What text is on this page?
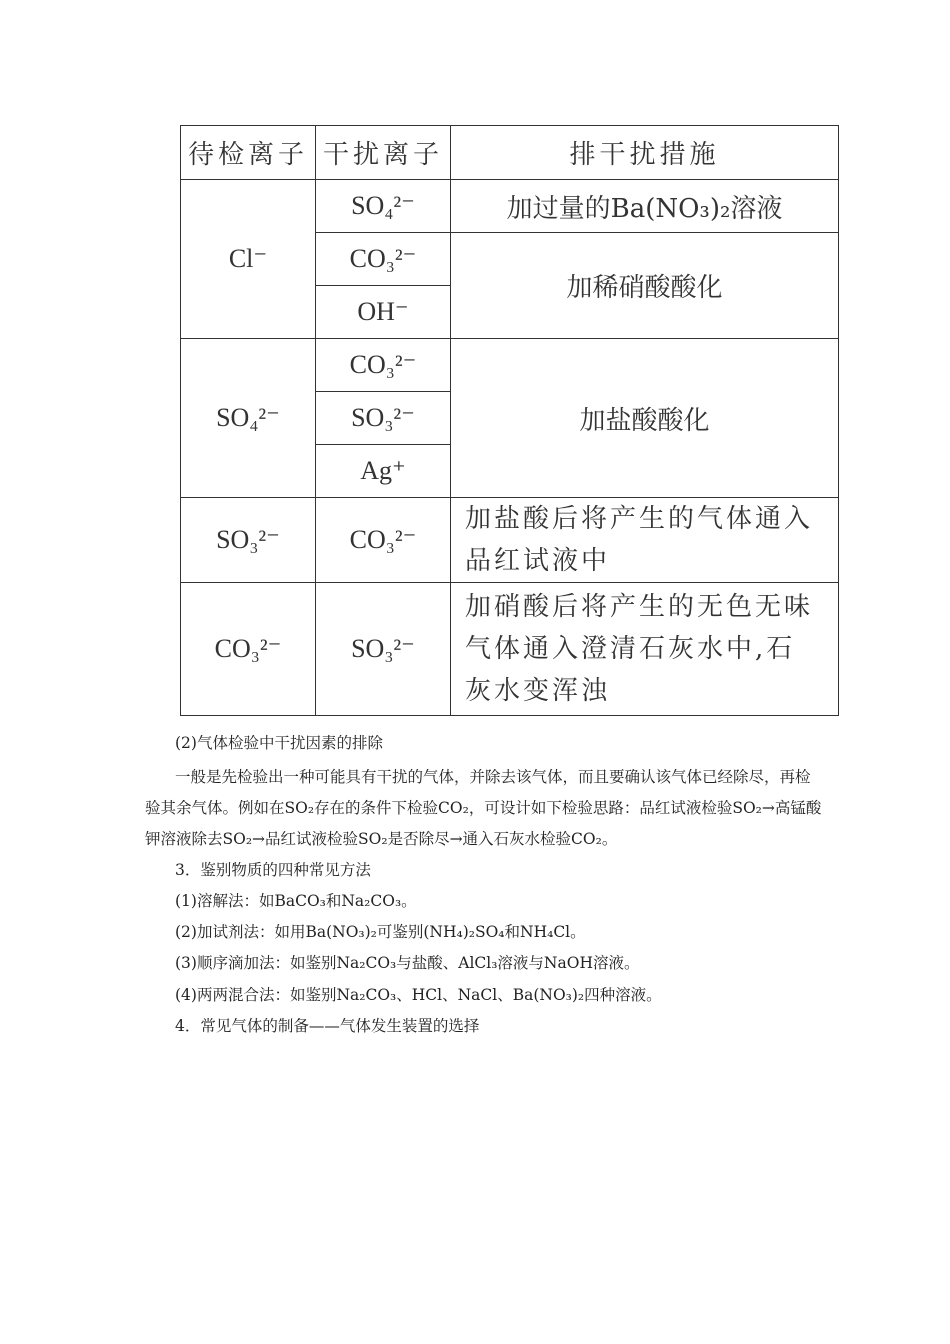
待检离子	干扰离子	排干扰措施
Cl⁻	SO₄²⁻	加过量的Ba(NO₃)₂溶液
	CO₃²⁻	加稀硝酸酸化
	OH⁻	
SO₄²⁻	CO₃²⁻	加盐酸酸化
	SO₃²⁻	
	Ag⁺	
SO₃²⁻	CO₃²⁻	加盐酸后将产生的气体通入品红试液中
CO₃²⁻	SO₃²⁻	加硝酸后将产生的无色无味气体通入澄清石灰水中,石灰水变浑浊
(2)气体检验中干扰因素的排除
一般是先检验出一种可能具有干扰的气体，并除去该气体，而且要确认该气体已经除尽，再检验其余气体。例如在SO₂存在的条件下检验CO₂，可设计如下检验思路：品红试液检验SO₂→高锰酸钾溶液除去SO₂→品红试液检验SO₂是否除尽→通入石灰水检验CO₂。
3．鉴别物质的四种常见方法
(1)溶解法：如BaCO₃和Na₂CO₃。
(2)加试剂法：如用Ba(NO₃)₂可鉴别(NH₄)₂SO₄和NH₄Cl。
(3)顺序滴加法：如鉴别Na₂CO₃与盐酸、AlCl₃溶液与NaOH溶液。
(4)两两混合法：如鉴别Na₂CO₃、HCl、NaCl、Ba(NO₃)₂四种溶液。
4．常见气体的制备——气体发生装置的选择
